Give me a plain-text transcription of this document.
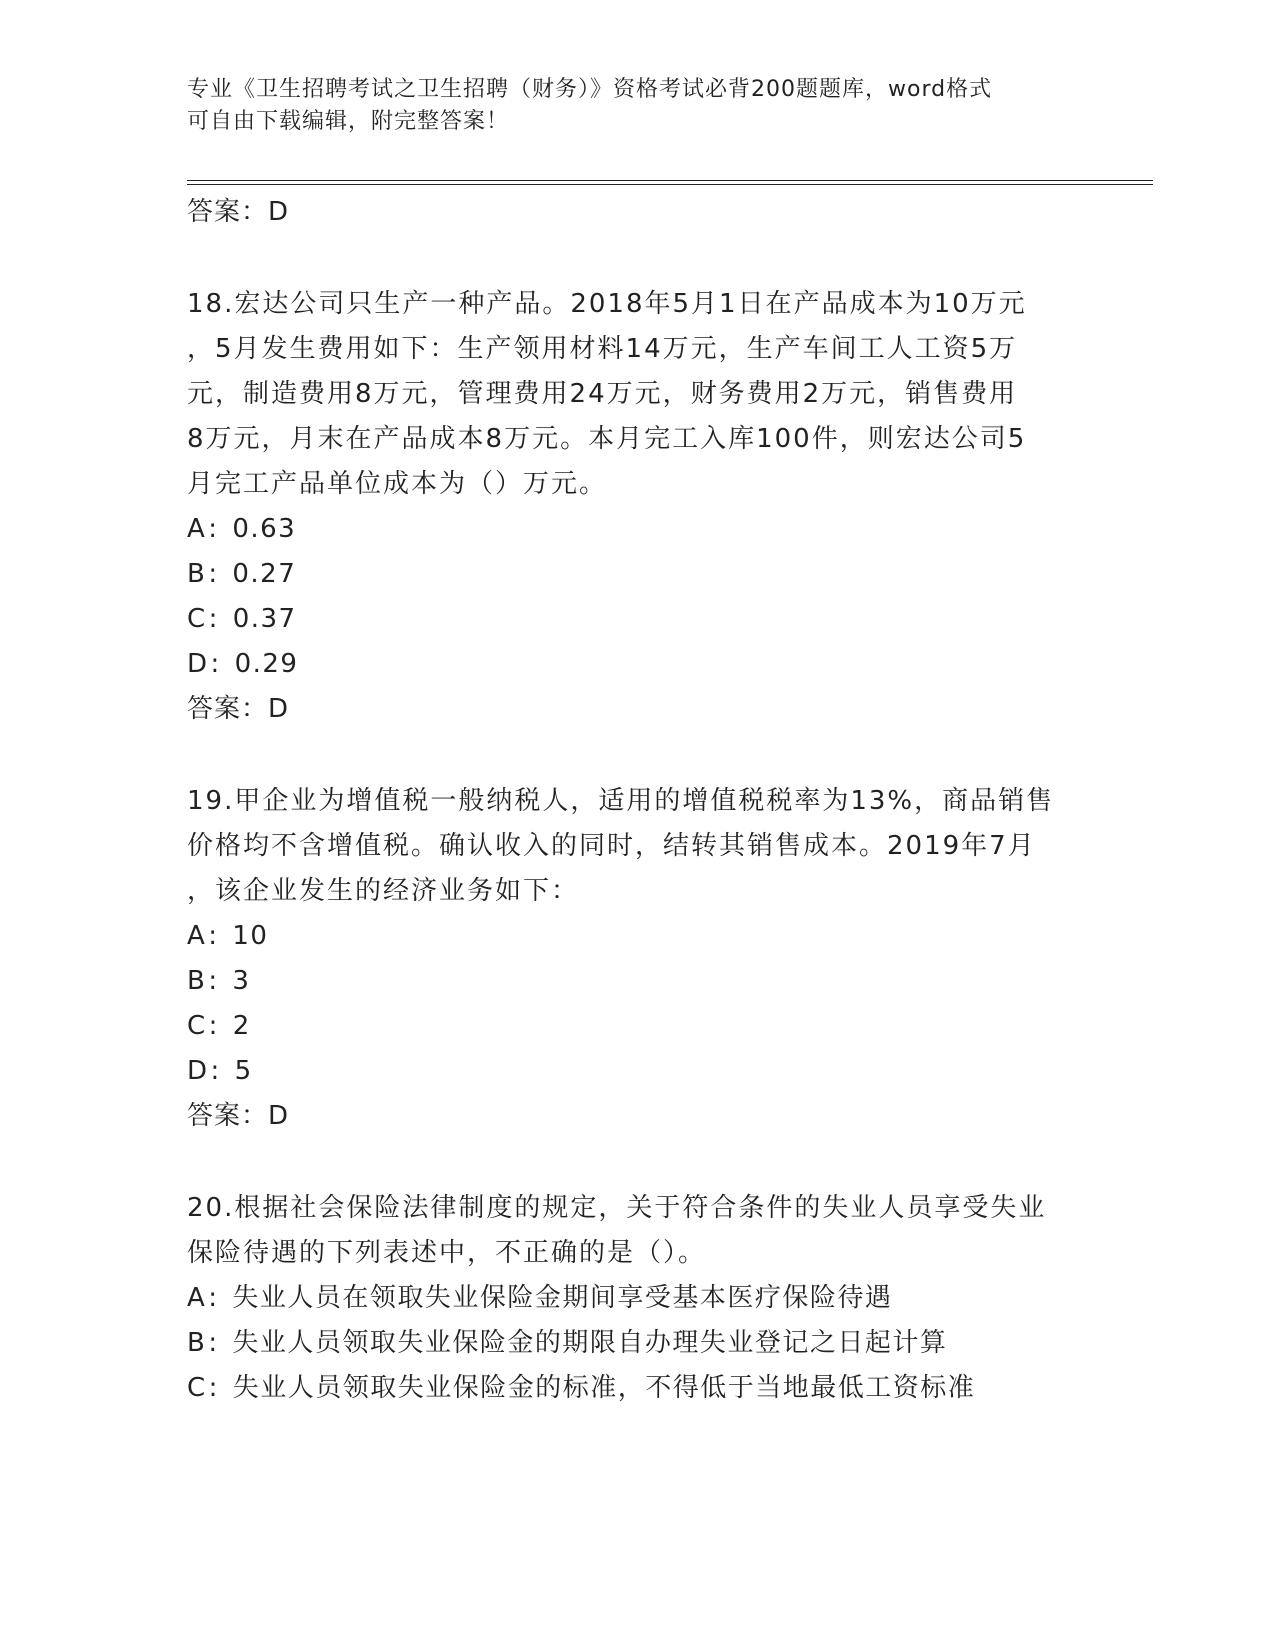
专业《卫生招聘考试之卫生招聘（财务）》资格考试必背200题题库，word格式
可自由下载编辑，附完整答案！

答案：D

18.宏达公司只生产一种产品。2018年5月1日在产品成本为10万元

，5月发生费用如下：生产领用材料14万元，生产车间工人工资5万

元，制造费用8万元，管理费用24万元，财务费用2万元，销售费用

8万元，月末在产品成本8万元。本月完工入库100件，则宏达公司5

月完工产品单位成本为（）万元。

A: 0.63

B: 0.27

C: 0.37

D: 0.29

答案：D

19.甲企业为增值税一般纳税人，适用的增值税税率为13%，商品销售

价格均不含增值税。确认收入的同时，结转其销售成本。2019年7月

，该企业发生的经济业务如下：

A: 10

B: 3

C: 2

D: 5

答案：D

20.根据社会保险法律制度的规定，关于符合条件的失业人员享受失业

保险待遇的下列表述中，不正确的是（）。

A: 失业人员在领取失业保险金期间享受基本医疗保险待遇

B: 失业人员领取失业保险金的期限自办理失业登记之日起计算

C: 失业人员领取失业保险金的标准，不得低于当地最低工资标准
